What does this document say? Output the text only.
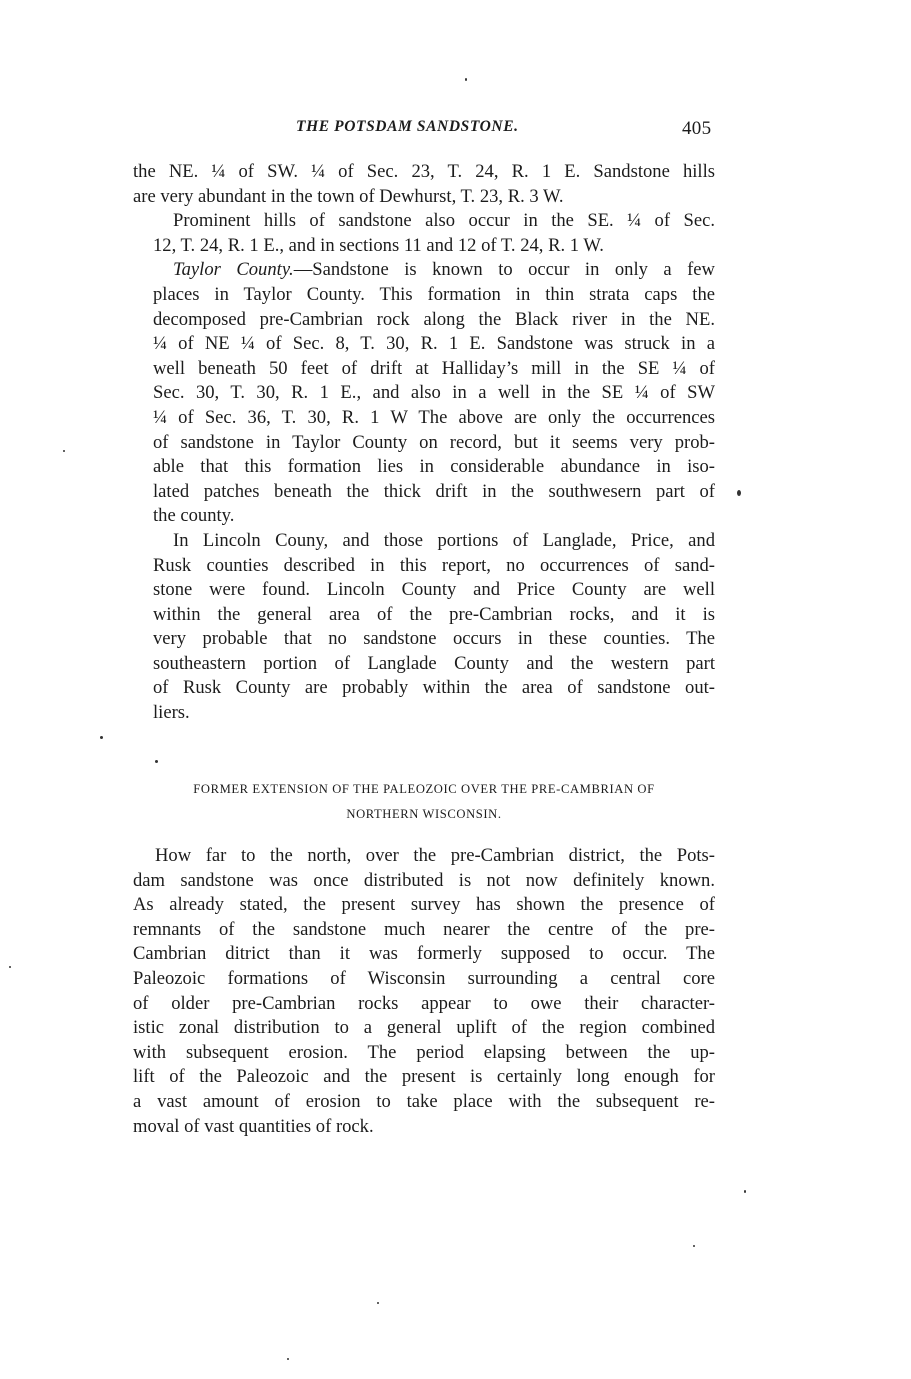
THE POTSDAM SANDSTONE.	405

the NE. ¼ of SW. ¼ of Sec. 23, T. 24, R. 1 E. Sandstone hills
are very abundant in the town of Dewhurst, T. 23, R. 3 W.

Prominent hills of sandstone also occur in the SE. ¼ of Sec.
12, T. 24, R. 1 E., and in sections 11 and 12 of T. 24, R. 1 W.

Taylor County.—Sandstone is known to occur in only a few
places in Taylor County. This formation in thin strata caps the
decomposed pre-Cambrian rock along the Black river in the NE.
¼ of NE ¼ of Sec. 8, T. 30, R. 1 E. Sandstone was struck in a
well beneath 50 feet of drift at Halliday’s mill in the SE ¼ of
Sec. 30, T. 30, R. 1 E., and also in a well in the SE ¼ of SW
¼ of Sec. 36, T. 30, R. 1 W The above are only the occurrences
of sandstone in Taylor County on record, but it seems very prob-
able that this formation lies in considerable abundance in iso-
lated patches beneath the thick drift in the southwesern part of
the county.

In Lincoln Couny, and those portions of Langlade, Price, and
Rusk counties described in this report, no occurrences of sand-
stone were found. Lincoln County and Price County are well
within the general area of the pre-Cambrian rocks, and it is
very probable that no sandstone occurs in these counties. The
southeastern portion of Langlade County and the western part
of Rusk County are probably within the area of sandstone out-
liers.

FORMER EXTENSION OF THE PALEOZOIC OVER THE PRE-CAMBRIAN OF
NORTHERN WISCONSIN.

How far to the north, over the pre-Cambrian district, the Pots-
dam sandstone was once distributed is not now definitely known.
As already stated, the present survey has shown the presence of
remnants of the sandstone much nearer the centre of the pre-
Cambrian ditrict than it was formerly supposed to occur. The
Paleozoic formations of Wisconsin surrounding a central core
of older pre-Cambrian rocks appear to owe their character-
istic zonal distribution to a general uplift of the region combined
with subsequent erosion. The period elapsing between the up-
lift of the Paleozoic and the present is certainly long enough for
a vast amount of erosion to take place with the subsequent re-
moval of vast quantities of rock.
